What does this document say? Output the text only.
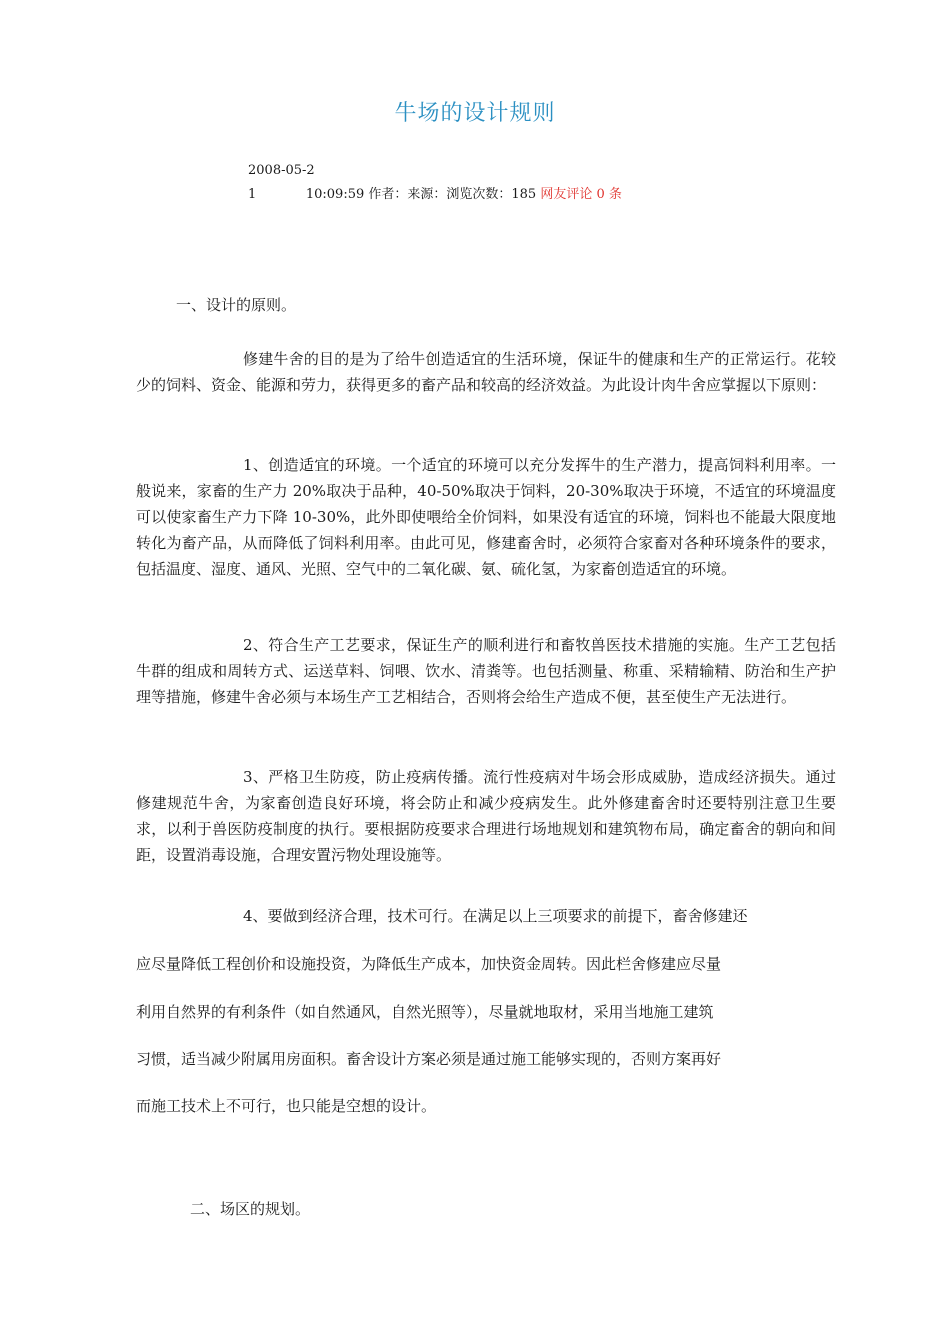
牛场的设计规则
2008-05-2
1            10:09:59 作者：来源：浏览次数：185 网友评论 0 条
一、设计的原则。
修建牛舍的目的是为了给牛创造适宜的生活环境，保证牛的健康和生产的正常运行。花较少的饲料、资金、能源和劳力，获得更多的畜产品和较高的经济效益。为此设计肉牛舍应掌握以下原则：
1、创造适宜的环境。一个适宜的环境可以充分发挥牛的生产潜力，提高饲料利用率。一般说来，家畜的生产力 20%取决于品种，40-50%取决于饲料，20-30%取决于环境，不适宜的环境温度可以使家畜生产力下降 10-30%，此外即使喂给全价饲料，如果没有适宜的环境，饲料也不能最大限度地转化为畜产品，从而降低了饲料利用率。由此可见，修建畜舍时，必须符合家畜对各种环境条件的要求，包括温度、湿度、通风、光照、空气中的二氧化碳、氨、硫化氢，为家畜创造适宜的环境。
2、符合生产工艺要求，保证生产的顺利进行和畜牧兽医技术措施的实施。生产工艺包括牛群的组成和周转方式、运送草料、饲喂、饮水、清粪等。也包括测量、称重、采精输精、防治和生产护理等措施，修建牛舍必须与本场生产工艺相结合，否则将会给生产造成不便，甚至使生产无法进行。
3、严格卫生防疫，防止疫病传播。流行性疫病对牛场会形成威胁，造成经济损失。通过修建规范牛舍，为家畜创造良好环境，将会防止和减少疫病发生。此外修建畜舍时还要特别注意卫生要求，以利于兽医防疫制度的执行。要根据防疫要求合理进行场地规划和建筑物布局，确定畜舍的朝向和间距，设置消毒设施，合理安置污物处理设施等。
4、要做到经济合理，技术可行。在满足以上三项要求的前提下，畜舍修建还
应尽量降低工程创价和设施投资，为降低生产成本，加快资金周转。因此栏舍修建应尽量
利用自然界的有利条件（如自然通风，自然光照等），尽量就地取材，采用当地施工建筑
习惯，适当减少附属用房面积。畜舍设计方案必须是通过施工能够实现的，否则方案再好
而施工技术上不可行，也只能是空想的设计。
二、场区的规划。
